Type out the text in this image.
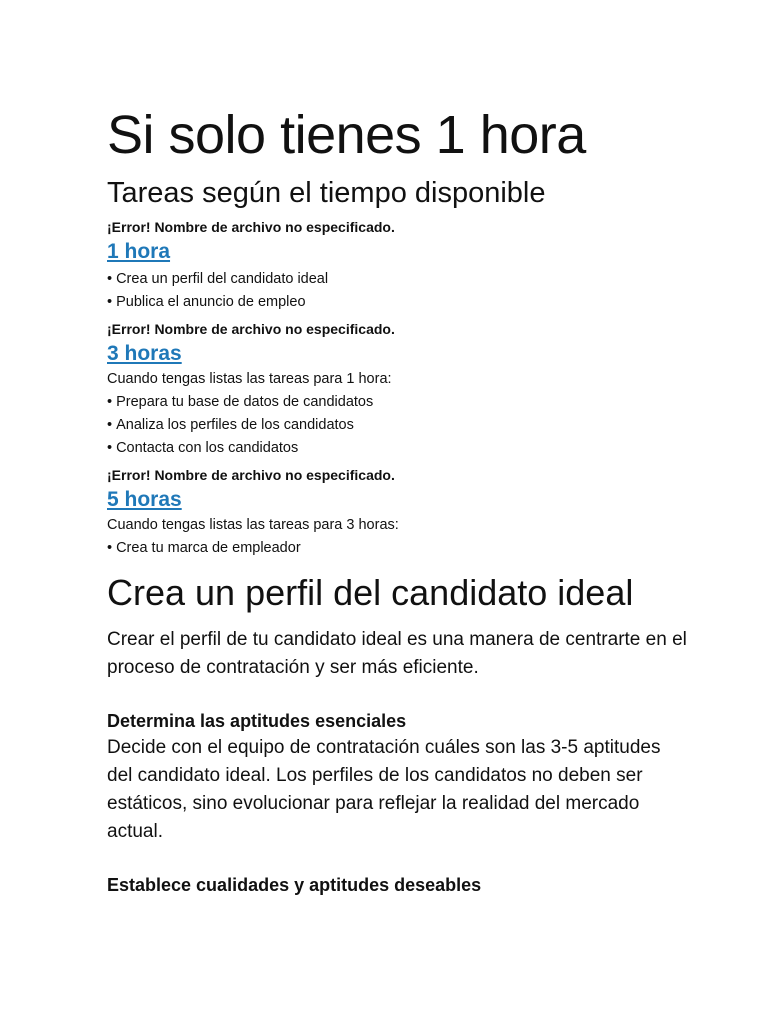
Si solo tienes 1 hora
Tareas según el tiempo disponible

¡Error! Nombre de archivo no especificado.

1 hora
• Crea un perfil del candidato ideal
• Publica el anuncio de empleo

¡Error! Nombre de archivo no especificado.

3 horas

Cuando tengas listas las tareas para 1 hora:

• Prepara tu base de datos de candidatos
• Analiza los perfiles de los candidatos
• Contacta con los candidatos

¡Error! Nombre de archivo no especificado.

5 horas

Cuando tengas listas las tareas para 3 horas:

• Crea tu marca de empleador
Crea un perfil del candidato ideal

Crear el perfil de tu candidato ideal es una manera de centrarte en el proceso de contratación y ser más eficiente.

Determina las aptitudes esenciales

Decide con el equipo de contratación cuáles son las 3-5 aptitudes del candidato ideal. Los perfiles de los candidatos no deben ser estáticos, sino evolucionar para reflejar la realidad del mercado actual.

Establece cualidades y aptitudes deseables
